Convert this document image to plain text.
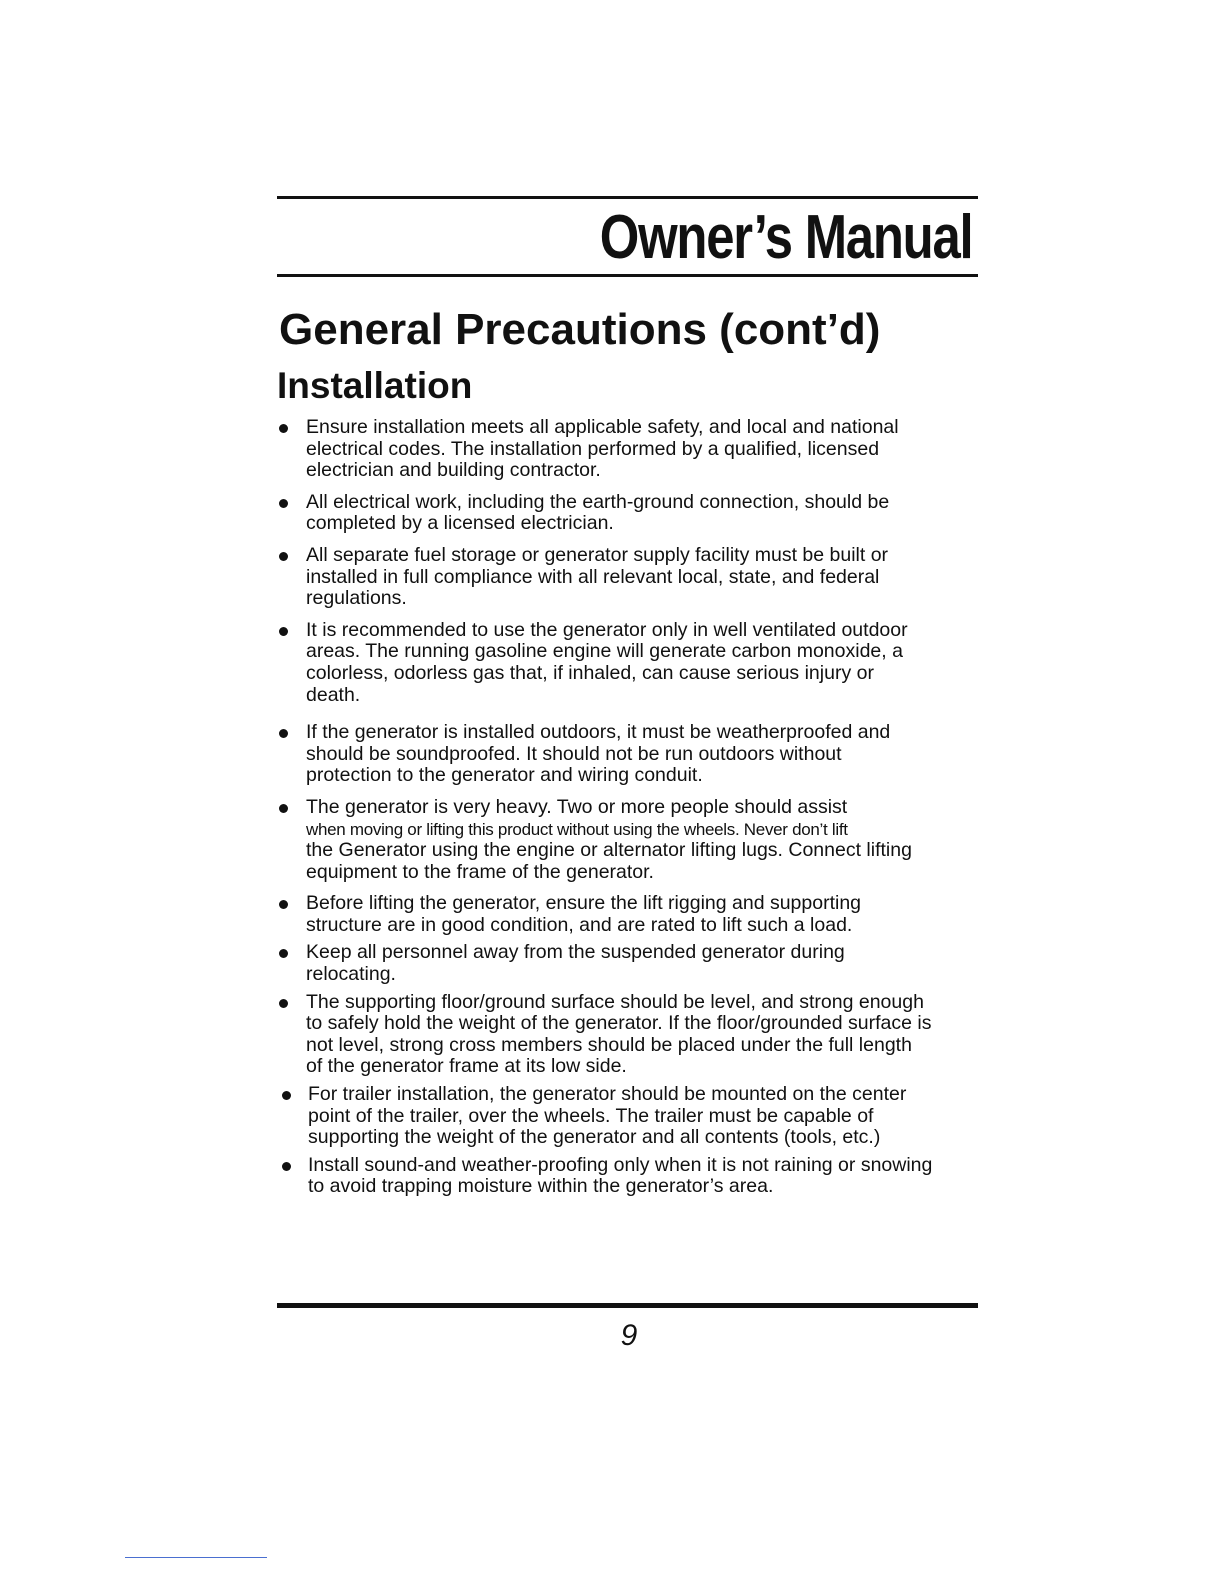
Owner’s Manual
General Precautions (cont’d)
Installation
Ensure installation meets all applicable safety, and local and national
electrical codes. The installation performed by a qualified, licensed
electrician and building contractor.
All electrical work, including the earth-ground connection, should be
completed by a licensed electrician.
All separate fuel storage or generator supply facility must be built or
installed in full compliance with all relevant local, state, and federal
regulations.
It is recommended to use the generator only in well ventilated outdoor
areas. The running gasoline engine will generate carbon monoxide, a
colorless, odorless gas that, if inhaled, can cause serious injury or
death.
If the generator is installed outdoors, it must be weatherproofed and
should be soundproofed. It should not be run outdoors without
protection to the generator and wiring conduit.
The generator is very heavy. Two or more people should assist
when moving or lifting this product without using the wheels. Never don’t lift
the Generator using the engine or alternator lifting lugs. Connect lifting
equipment to the frame of the generator.
Before lifting the generator, ensure the lift rigging and supporting
structure are in good condition, and are rated to lift such a load.
Keep all personnel away from the suspended generator during
relocating.
The supporting floor/ground surface should be level, and strong enough
to safely hold the weight of the generator. If the floor/grounded surface is
not level, strong cross members should be placed under the full length
of the generator frame at its low side.
For trailer installation, the generator should be mounted on the center
point of the trailer, over the wheels. The trailer must be capable of
supporting the weight of the generator and all contents (tools, etc.)
Install sound-and weather-proofing only when it is not raining or snowing
to avoid trapping moisture within the generator’s area.
9
